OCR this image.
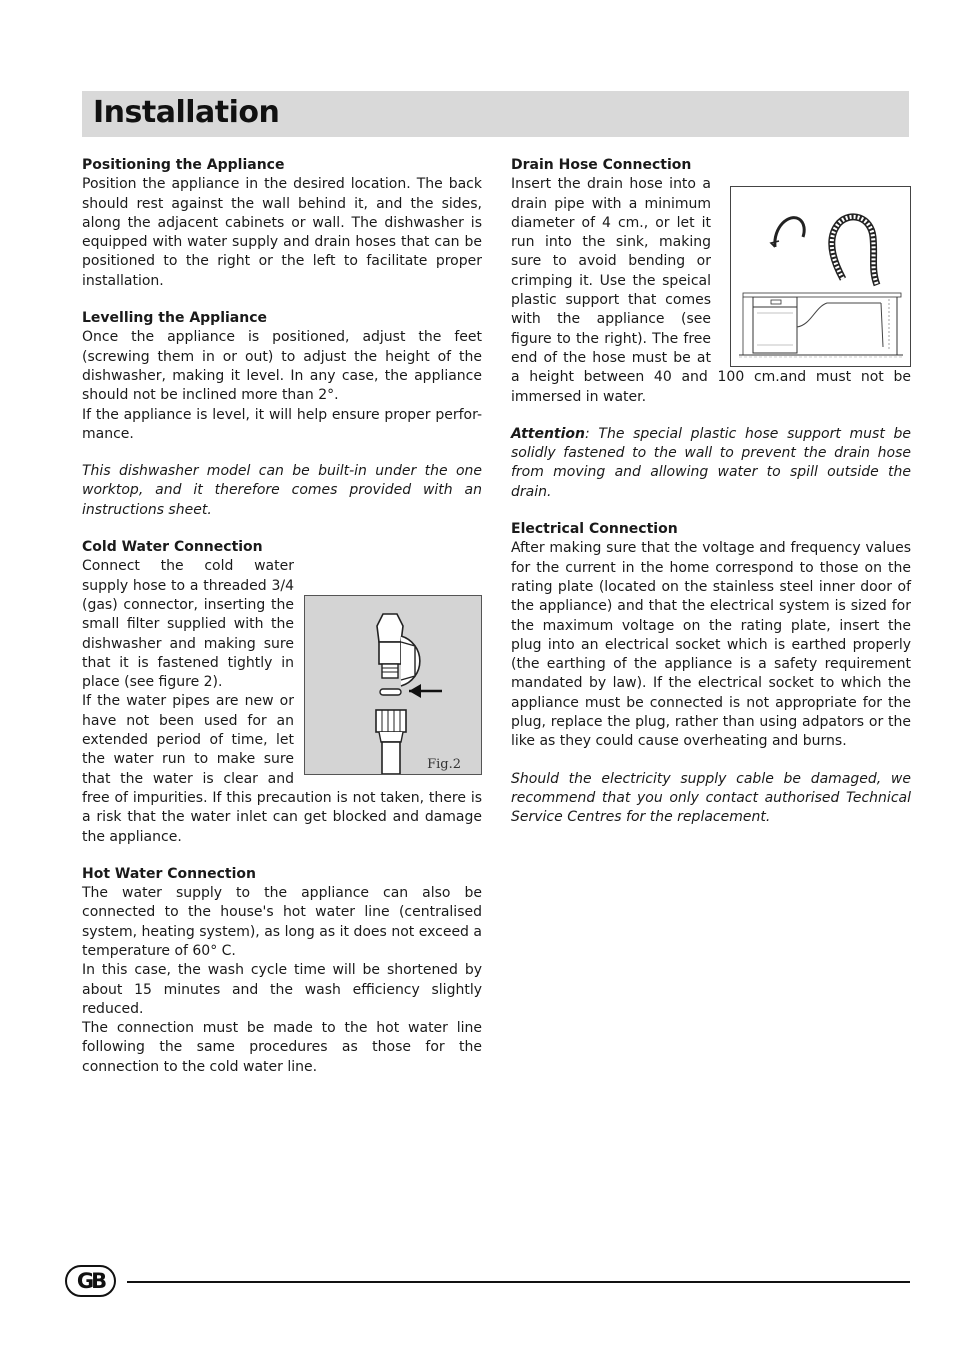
Installation
Positioning the Appliance

Position the appliance in the desired location. The back should rest against the wall behind it, and the sides, along the adjacent cabinets or wall. The dishwasher is equipped with water supply and drain hoses that can be positioned to the right or the left to facilitate proper installation.

Levelling the Appliance

Once the appliance is positioned, adjust the feet (screwing them in or out) to adjust the height of the dishwasher, making it level. In any case, the appliance should not be inclined more than 2°.

If the appliance is level, it will help ensure proper perfor-mance.

This dishwasher model can be built-in under the one worktop, and it therefore comes provided with an instructions sheet.

Cold Water Connection
Fig.2

Connect the cold water supply hose to a threaded 3/4 (gas) connector, inserting the small filter supplied with the dishwasher and making sure that it is fastened tightly in place (see figure 2).

If the water pipes are new or have not been used for an extended period of time, let the water run to make sure that the water is clear and free of impurities. If this precaution is not taken, there is a risk that the water inlet can get blocked and damage the appliance.

Hot Water Connection

The water supply to the appliance can also be connected to the house's hot water line (centralised system, heating system), as long as it does not exceed a temperature of 60° C.

In this case, the wash cycle time will be shortened by about 15 minutes and the wash efficiency slightly reduced.

The connection must be made to the hot water line following the same procedures as those for the connection to the cold water line.

Drain Hose Connection

Insert the drain hose into a drain pipe with a minimum diameter of 4 cm., or let it run into the sink, making sure to avoid bending or crimping it. Use the speical plastic support that comes with the appliance (see figure to the right). The free end of the hose must be at a height between 40 and 100 cm.and must not be immersed in water.

Attention: The special plastic hose support must be solidly fastened to the wall to prevent the drain hose from moving and allowing water to spill outside the drain.

Electrical Connection

After making sure that the voltage and frequency values for the current in the home correspond to those on the rating plate (located on the stainless steel inner door of the appliance) and that the electrical system is sized for the maximum voltage on the rating plate, insert the plug into an electrical socket which is earthed properly (the earthing of the appliance is a safety requirement mandated by law). If the electrical socket to which the appliance must be connected is not appropriate for the plug, replace the plug, rather than using adpators or the like as they could cause overheating and burns.

Should the electricity supply cable be damaged, we recommend that you only contact authorised Technical Service Centres for the replacement.

GB
